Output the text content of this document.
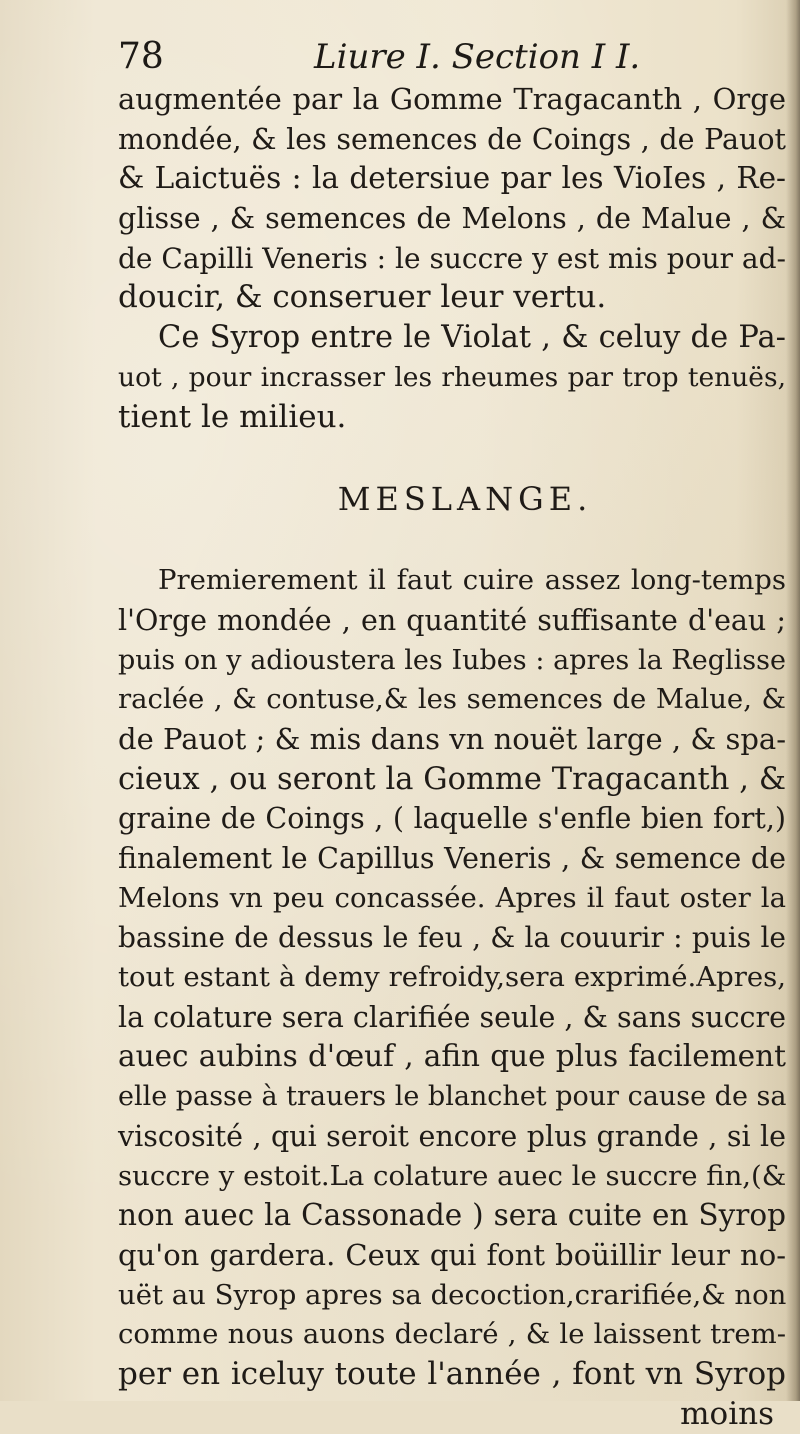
78	Liure I. Section I I.
augmentée par la Gomme Tragacanth , Orge
mondée, & les semences de Coings , de Pauot
& Laictuës : la detersiue par les VioIes , Re-
glisse , & semences de Melons , de Malue , &
de Capilli Veneris : le succre y est mis pour ad-
doucir, & conseruer leur vertu.
Ce Syrop entre le Violat , & celuy de Pa-
uot , pour incrasser les rheumes par trop tenuës,
tient le milieu.
MESLANGE.
Premierement il faut cuire assez long-temps
l'Orge mondée , en quantité suffisante d'eau ;
puis on y adioustera les Iubes : apres la Reglisse
raclée , & contuse,& les semences de Malue, &
de Pauot ; & mis dans vn nouët large , & spa-
cieux , ou seront la Gomme Tragacanth , &
graine de Coings , ( laquelle s'enfle bien fort,)
finalement le Capillus Veneris , & semence de
Melons vn peu concassée. Apres il faut oster la
bassine de dessus le feu , & la couurir : puis le
tout estant à demy refroidy,sera exprimé.Apres,
la colature sera clarifiée seule , & sans succre
auec aubins d'œuf , afin que plus facilement
elle passe à trauers le blanchet pour cause de sa
viscosité , qui seroit encore plus grande , si le
succre y estoit.La colature auec le succre fin,(&
non auec la Cassonade ) sera cuite en Syrop
qu'on gardera. Ceux qui font boüillir leur no-
uët au Syrop apres sa decoction,crarifiée,& non
comme nous auons declaré , & le laissent trem-
per en iceluy toute l'année , font vn Syrop
moins
